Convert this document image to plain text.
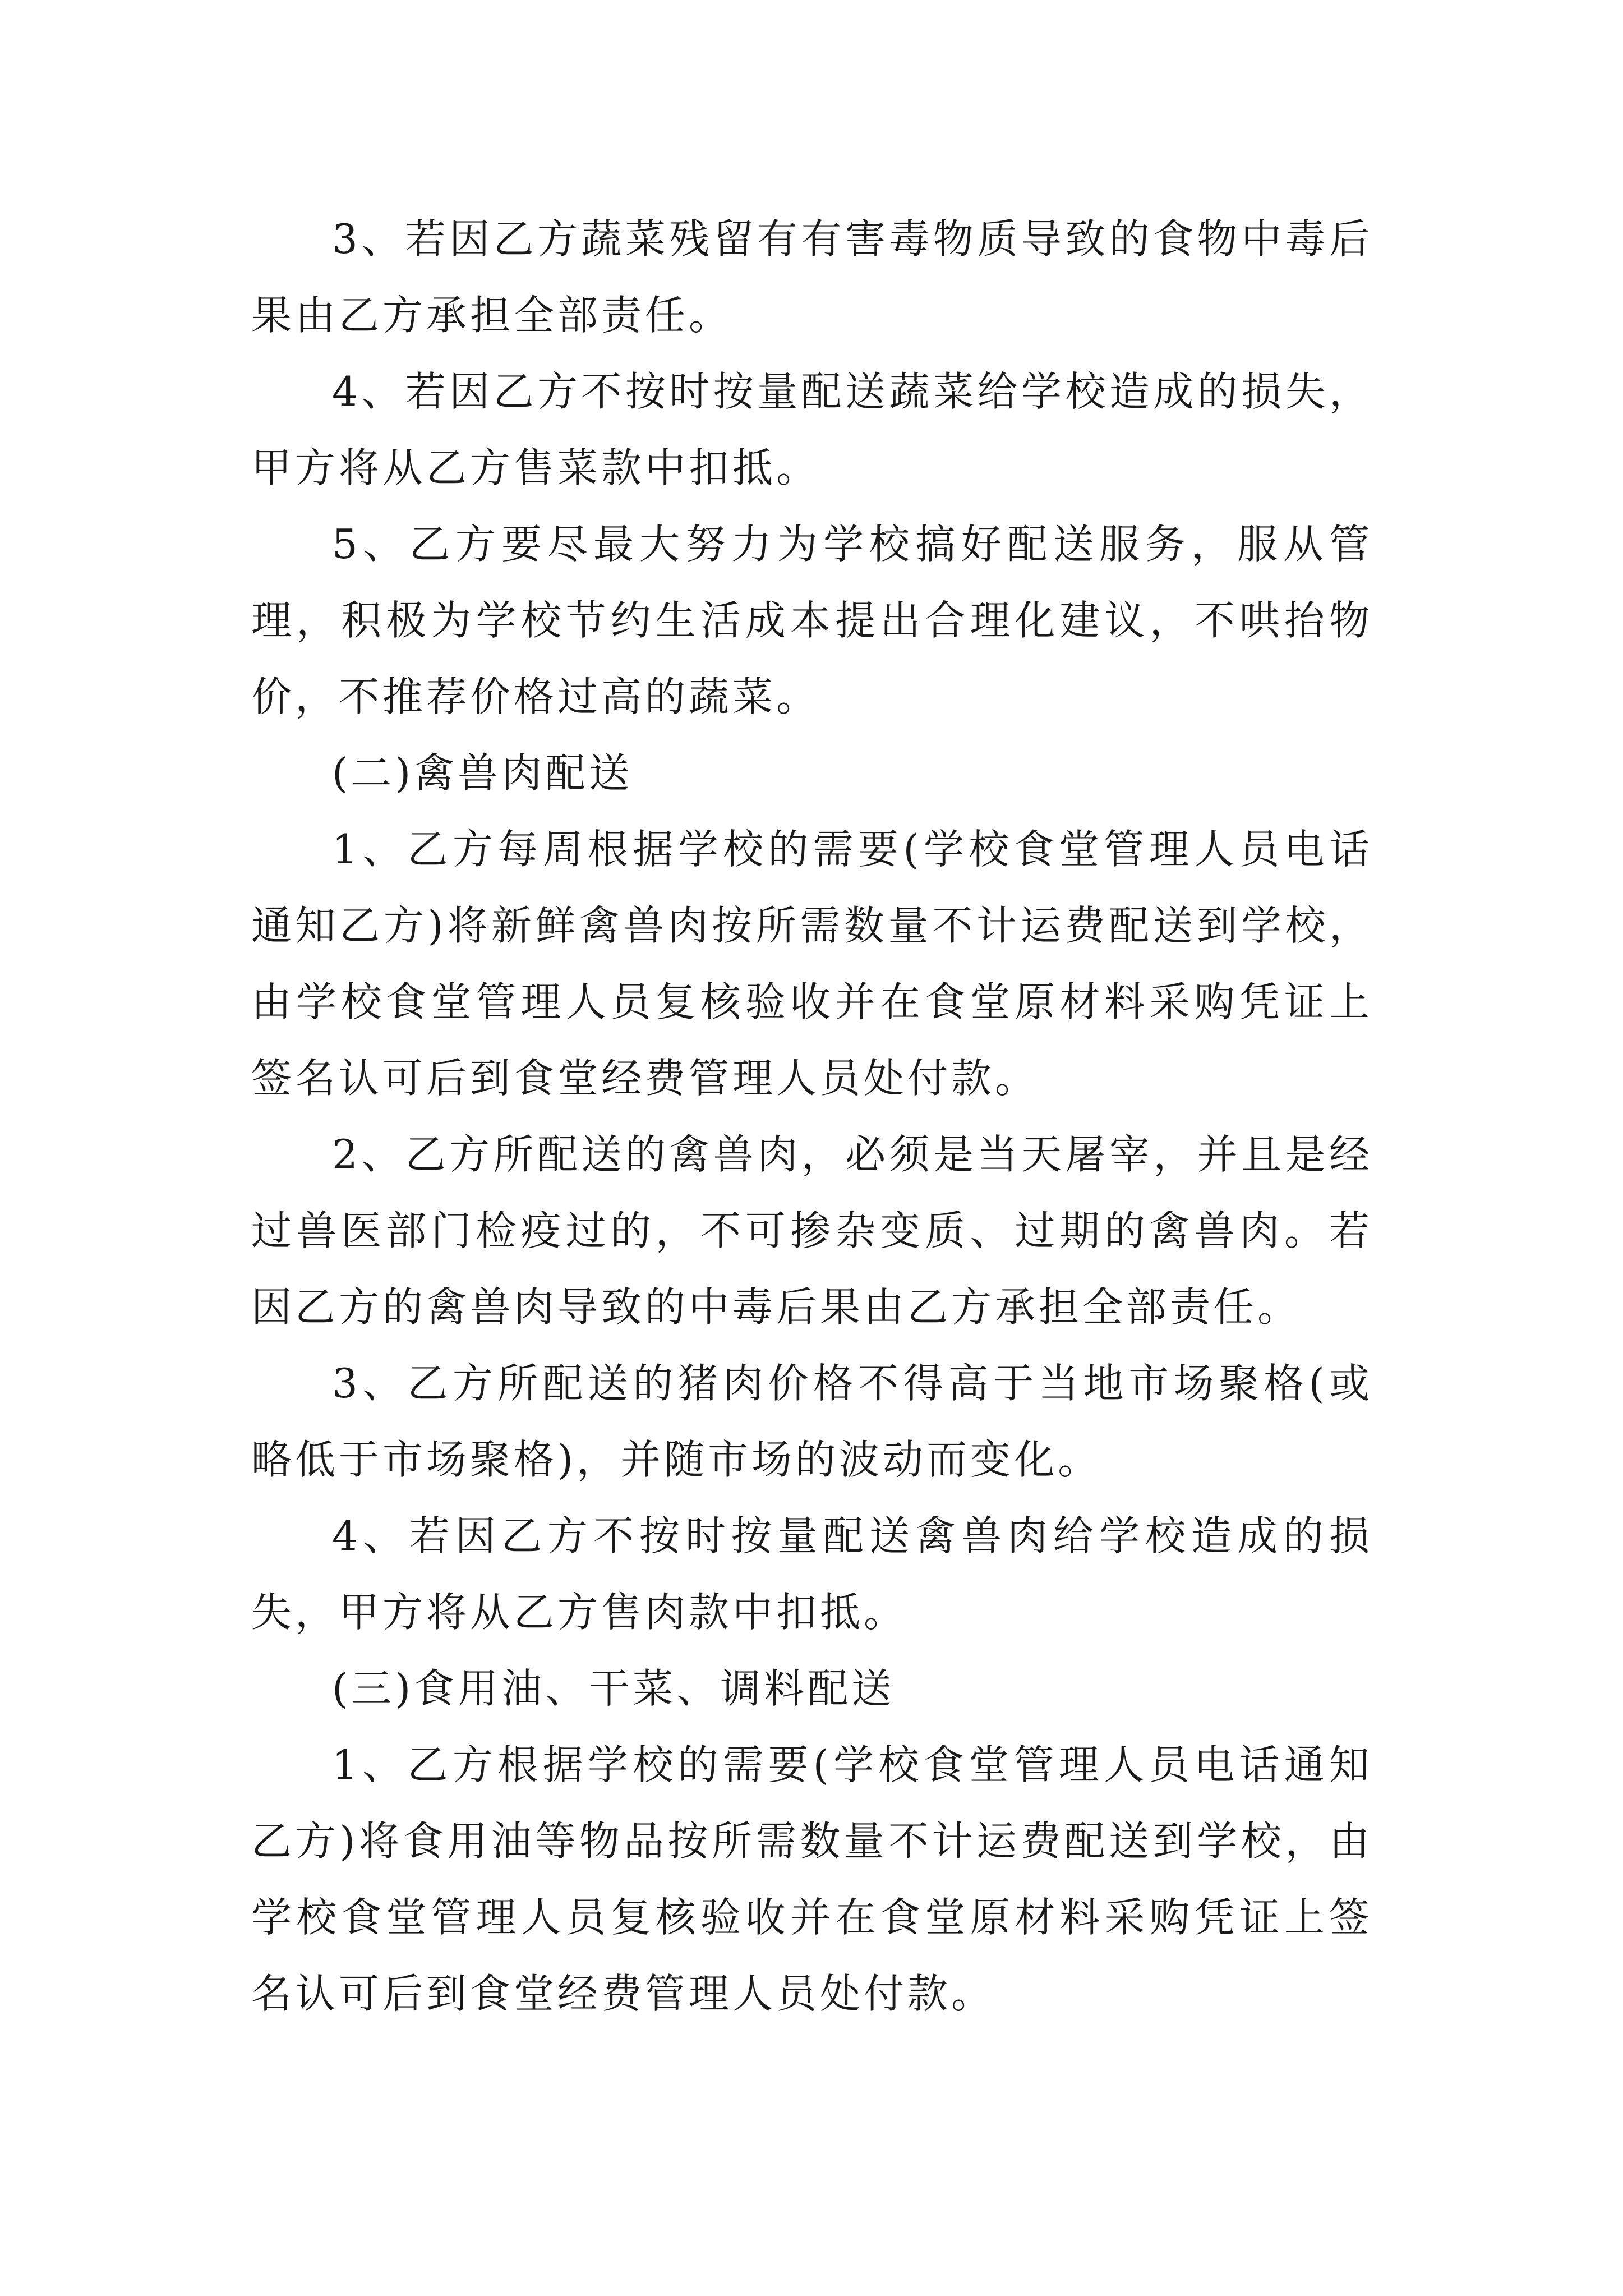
3、若因乙方蔬菜残留有有害毒物质导致的食物中毒后果由乙方承担全部责任。

4、若因乙方不按时按量配送蔬菜给学校造成的损失，甲方将从乙方售菜款中扣抵。

5、乙方要尽最大努力为学校搞好配送服务，服从管理，积极为学校节约生活成本提出合理化建议，不哄抬物价，不推荐价格过高的蔬菜。

(二)禽兽肉配送

1、乙方每周根据学校的需要(学校食堂管理人员电话通知乙方)将新鲜禽兽肉按所需数量不计运费配送到学校，由学校食堂管理人员复核验收并在食堂原材料采购凭证上签名认可后到食堂经费管理人员处付款。

2、乙方所配送的禽兽肉，必须是当天屠宰，并且是经过兽医部门检疫过的，不可掺杂变质、过期的禽兽肉。若因乙方的禽兽肉导致的中毒后果由乙方承担全部责任。

3、乙方所配送的猪肉价格不得高于当地市场聚格(或略低于市场聚格)，并随市场的波动而变化。

4、若因乙方不按时按量配送禽兽肉给学校造成的损失，甲方将从乙方售肉款中扣抵。

(三)食用油、干菜、调料配送

1、乙方根据学校的需要(学校食堂管理人员电话通知乙方)将食用油等物品按所需数量不计运费配送到学校，由学校食堂管理人员复核验收并在食堂原材料采购凭证上签名认可后到食堂经费管理人员处付款。
